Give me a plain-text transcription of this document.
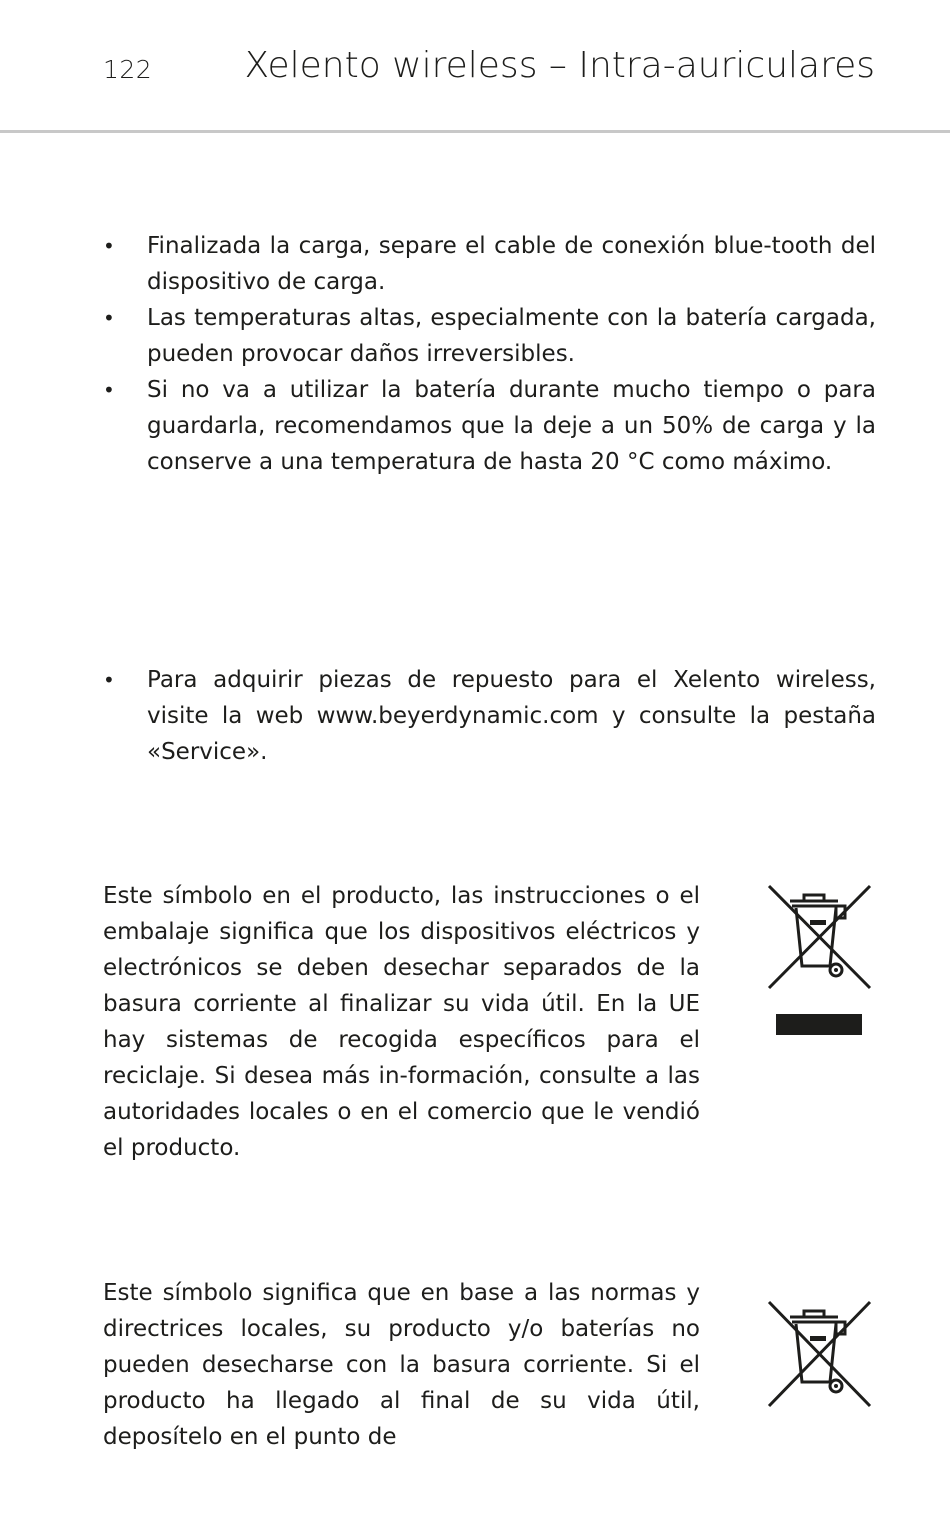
122	Xelento wireless – Intra-auriculares
• Finalizada la carga, separe el cable de conexión blue-tooth del dispositivo de carga.

• Las temperaturas altas, especialmente con la batería cargada, pueden provocar daños irreversibles.

• Si no va a utilizar la batería durante mucho tiempo o para guardarla, recomendamos que la deje a un 50% de carga y la conserve a una temperatura de hasta 20 °C como máximo.

• Para adquirir piezas de repuesto para el Xelento wireless, visite la web www.beyerdynamic.com y consulte la pestaña «Service».

Este símbolo en el producto, las instrucciones o el embalaje significa que los dispositivos eléctricos y electrónicos se deben desechar separados de la basura corriente al finalizar su vida útil. En la UE hay sistemas de recogida específicos para el reciclaje. Si desea más in-formación, consulte a las autoridades locales o en el comercio que le vendió el producto.

Este símbolo significa que en base a las normas y directrices locales, su producto y/o baterías no pueden desecharse con la basura corriente. Si el producto ha llegado al final de su vida útil, deposítelo en el punto de
